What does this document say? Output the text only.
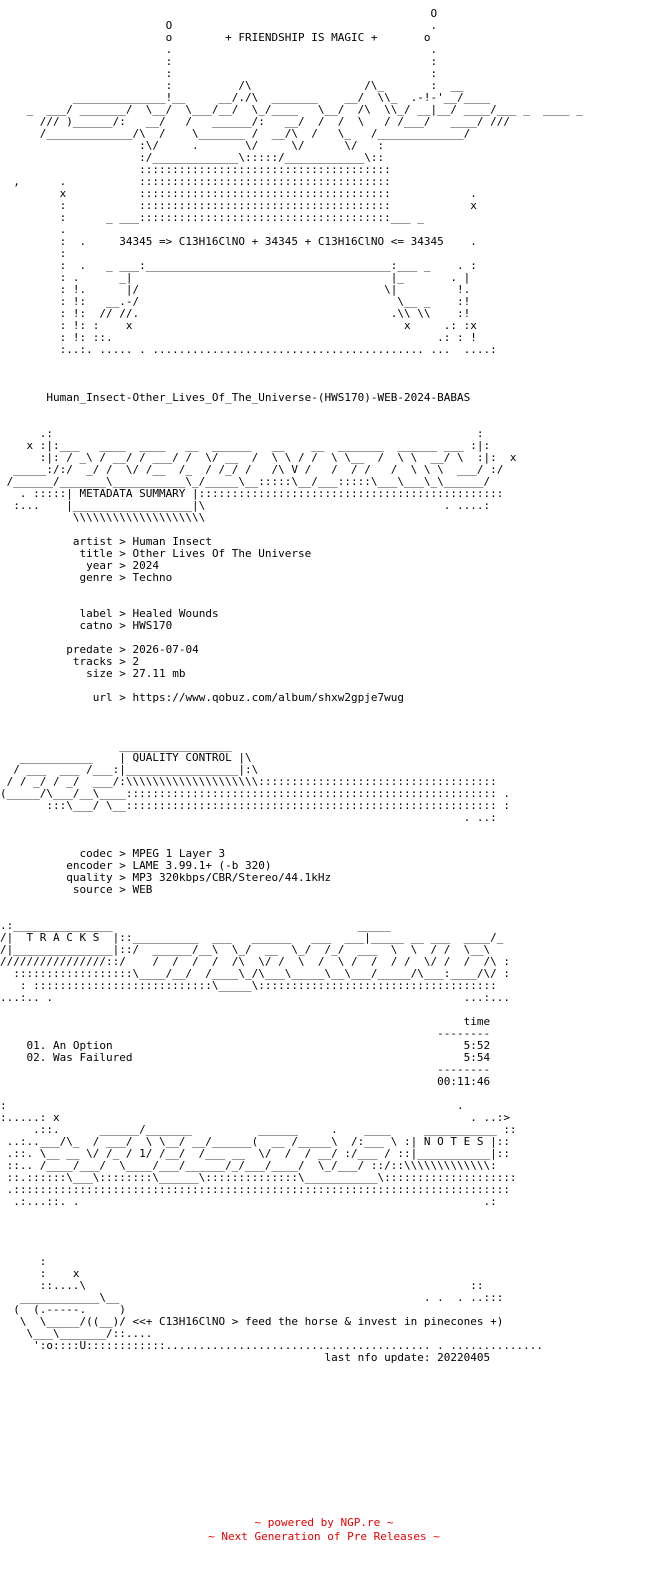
O
O                                       .
o        + FRIENDSHIP IS MAGIC +       o
.                                       .
:                                       :
:                                       :
:          /\                 /\_       :  __
______________!__     __/./\  _______    __/  \\_  .-!-'__/____
_  ___/ _______/  \__/  \___/__/  \_/____   \__/  /\  \\_/ __|__/ ____/___ _  ____ _
/// )______/:   __/   /   ______/:   __/  /  /  \   / /___/   ____/ ///
/_____________/\  /    \_______ /  __/\  /   \_   /_____________/
:\/     .       \/     \/      \/   :
:/_____________\:::::/____________\::
::::::::::::::::::::::::::::::::::::::
,      .           ::::::::::::::::::::::::::::::::::::::
x           ::::::::::::::::::::::::::::::::::::::            .
:           ::::::::::::::::::::::::::::::::::::::            x
:      _ ___::::::::::::::::::::::::::::::::::::::___ _
.
:  .     34345 => C13H16ClNO + 34345 + C13H16ClNO <= 34345    .
:
:  .   _ ___:_____________________________________:___ _    . :
: .      _|                                       |_       . |
: !.      |/                                     \|         !.
: !:   __.-/                                       \__ _    :!
: !:  // //.                                      .\\ \\    :!
: !: :    x                                         x     .: :x
: !: ::.                                                 .: : !
:..:. ..... . ......................................... ...  ....:

Human_Insect-Other_Lives_Of_The_Universe-(HWS170)-WEB-2024-BABAS

.:                                                                :
x :|:___   ____  ____   __  ______   __    __  _______  ______ ___ :|:
:|: / _\ / __/ / ___/ /  \/ __  /  \ \ / /  \ \__  /  \ \  __/ \  :|:  x
_____:/:/  _/ /  \/ /__  /_  / /_/ /   /\ V /   /  / /   /  \ \ \  ___/ :/
/______/_______\___________\_/_____\__:::::\__/___:::::\___\___\_\______/
. :::::| METADATA SUMMARY |::::::::::::::::::::::::::::::::::::::::::::::
:...    |__________________|\                                    . ....:
\\\\\\\\\\\\\\\\\\\\

artist > Human Insect
title > Other Lives Of The Universe
year > 2024
genre > Techno

label > Healed Wounds
catno > HWS170

predate > 2026-07-04
tracks > 2
size > 27.11 mb

url > https://www.qobuz.com/album/shxw2gpje7wug

_________________
___________    | QUALITY CONTROL |\
/ ___  ___ /___:|_________________|:\
/ / _/ / _/  ___/:\\\\\\\\\\\\\\\\\\\\::::::::::::::::::::::::::::::::::::
(_____/\___/__\____:::::::::::::::::::::::::::::::::::::::::::::::::::::::: .
:::\___/ \__:::::::::::::::::::::::::::::::::::::::::::::::::::::::: :
. ..:

codec > MPEG 1 Layer 3
encoder > LAME 3.99.1+ (-b 320)
quality > MP3 320kbps/CBR/Stereo/44.1kHz
source > WEB

.:_______________                                     _____
/|  T R A C K S  |::__________  ___   ______   ___  ___|_____ __ ___  ____/_
/|_______________|::/  ______/__\  \_/  __  \_/  /_/  ___  \  \  / /  \__\
////////////////::/    /  /  /  /  /\  \/ /  \  /  \ /  /  / /  \/ /  /  /\ :
::::::::::::::::::\____/__/  /____\_/\___\_____\__\___/_____/\___:____/\/ :
: :::::::::::::::::::::::::::\_____\::::::::::::::::::::::::::::::::::::
...:.. .                                                              ...:...

time
--------
01. An Option	5:52
02. Was Failured	5:54
--------
00:11:46

:                                                                    .
:.....: x                                                              . ..:>
.::.      ______/_______          ______     .    ____     ___________ ::
..:..___/\_  / ___/  \ \__/ __/______(  __ /_____\  /:___ \ :| N O T E S |::
.::. \__ __ \/ /_ / 1/ /__/  /___ __  \/  /  / __/ :/___ / ::|___________|::
::.. /____/___/  \____/___/______/_/___/____/  \_/___/ ::/::\\\\\\\\\\\\\:
::.::::::\___\::::::::\______\::::::::::::::\___________\::::::::::::::::::::
.:::::::::::::::::::::::::::::::::::::::::::::::::::::::::::::::::::::::::::
.:...::. .                                                             .:

:
:    x
::....\                                                          ::
____________\__                                              . .  . ..:::
(  (.-----.     )
\  \_____/((__)/ <<+ C13H16ClNO > feed the horse & invest in pinecones +)
\___\_______/::....
':o::::U::::::::::::........................................ . ..............
last nfo update: 20220405
~ powered by NGP.re ~
~ Next Generation of Pre Releases ~
